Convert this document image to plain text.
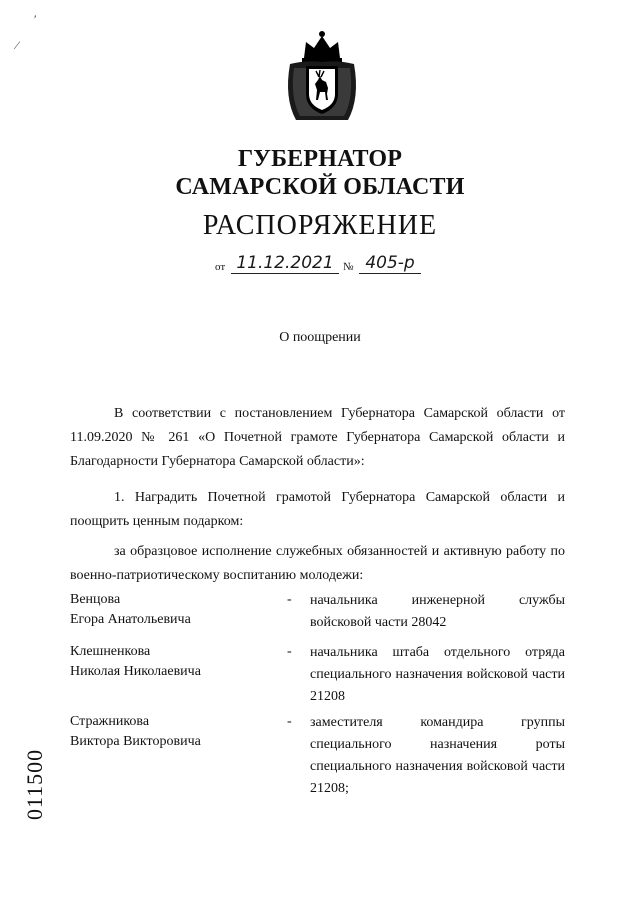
ГУБЕРНАТОР
САМАРСКОЙ ОБЛАСТИ
РАСПОРЯЖЕНИЕ
от 11.12.2021 № 405-р
О поощрении
В соответствии с постановлением Губернатора Самарской области от 11.09.2020 № 261 «О Почетной грамоте Губернатора Самарской области и Благодарности Губернатора Самарской области»:
1. Наградить Почетной грамотой Губернатора Самарской области и поощрить ценным подарком:
за образцовое исполнение служебных обязанностей и активную работу по военно-патриотическому воспитанию молодежи:
Венцова
Егора Анатольевича
- начальника инженерной службы войсковой части 28042
Клешненкова
Николая Николаевича
- начальника штаба отдельного отряда специального назначения войсковой части 21208
Стражникова
Виктора Викторовича
- заместителя командира группы специального назначения роты специального назначения войсковой части 21208;
011500
′
⁄
